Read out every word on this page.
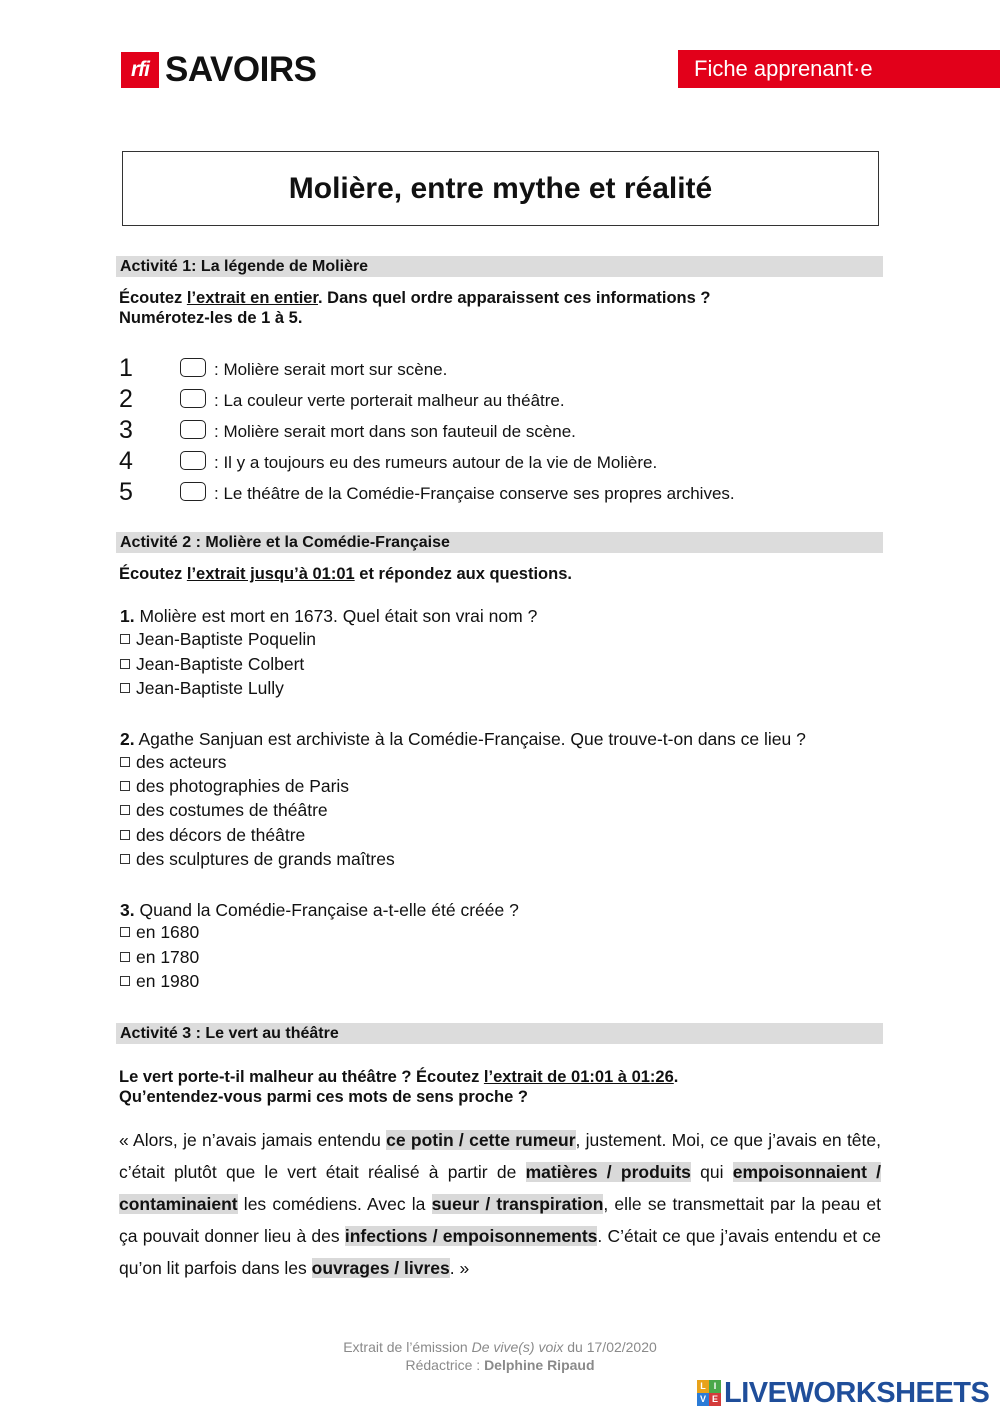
rfi SAVOIRS	Fiche apprenant·e
Molière, entre mythe et réalité
Activité 1: La légende de Molière
Écoutez l’extrait en entier. Dans quel ordre apparaissent ces informations ?
Numérotez-les de 1 à 5.
1	: Molière serait mort sur scène.
2	: La couleur verte porterait malheur au théâtre.
3	: Molière serait mort dans son fauteuil de scène.
4	: Il y a toujours eu des rumeurs autour de la vie de Molière.
5	: Le théâtre de la Comédie-Française conserve ses propres archives.
Activité 2 : Molière et la Comédie-Française
Écoutez l’extrait jusqu’à 01:01 et répondez aux questions.
1. Molière est mort en 1673. Quel était son vrai nom ?
Jean-Baptiste Poquelin
Jean-Baptiste Colbert
Jean-Baptiste Lully
2. Agathe Sanjuan est archiviste à la Comédie-Française. Que trouve-t-on dans ce lieu ?
des acteurs
des photographies de Paris
des costumes de théâtre
des décors de théâtre
des sculptures de grands maîtres
3. Quand la Comédie-Française a-t-elle été créée ?
en 1680
en 1780
en 1980
Activité 3 : Le vert au théâtre
Le vert porte-t-il malheur au théâtre ? Écoutez l’extrait de 01:01 à 01:26.
Qu’entendez-vous parmi ces mots de sens proche ?
« Alors, je n’avais jamais entendu ce potin / cette rumeur, justement. Moi, ce que j’avais en tête, c’était plutôt que le vert était réalisé à partir de matières / produits qui empoisonnaient / contaminaient les comédiens. Avec la sueur / transpiration, elle se transmettait par la peau et ça pouvait donner lieu à des infections / empoisonnements. C’était ce que j’avais entendu et ce qu’on lit parfois dans les ouvrages / livres. »
Extrait de l’émission De vive(s) voix du 17/02/2020
Rédactrice : Delphine Ripaud
L I
V E LIVEWORKSHEETS
